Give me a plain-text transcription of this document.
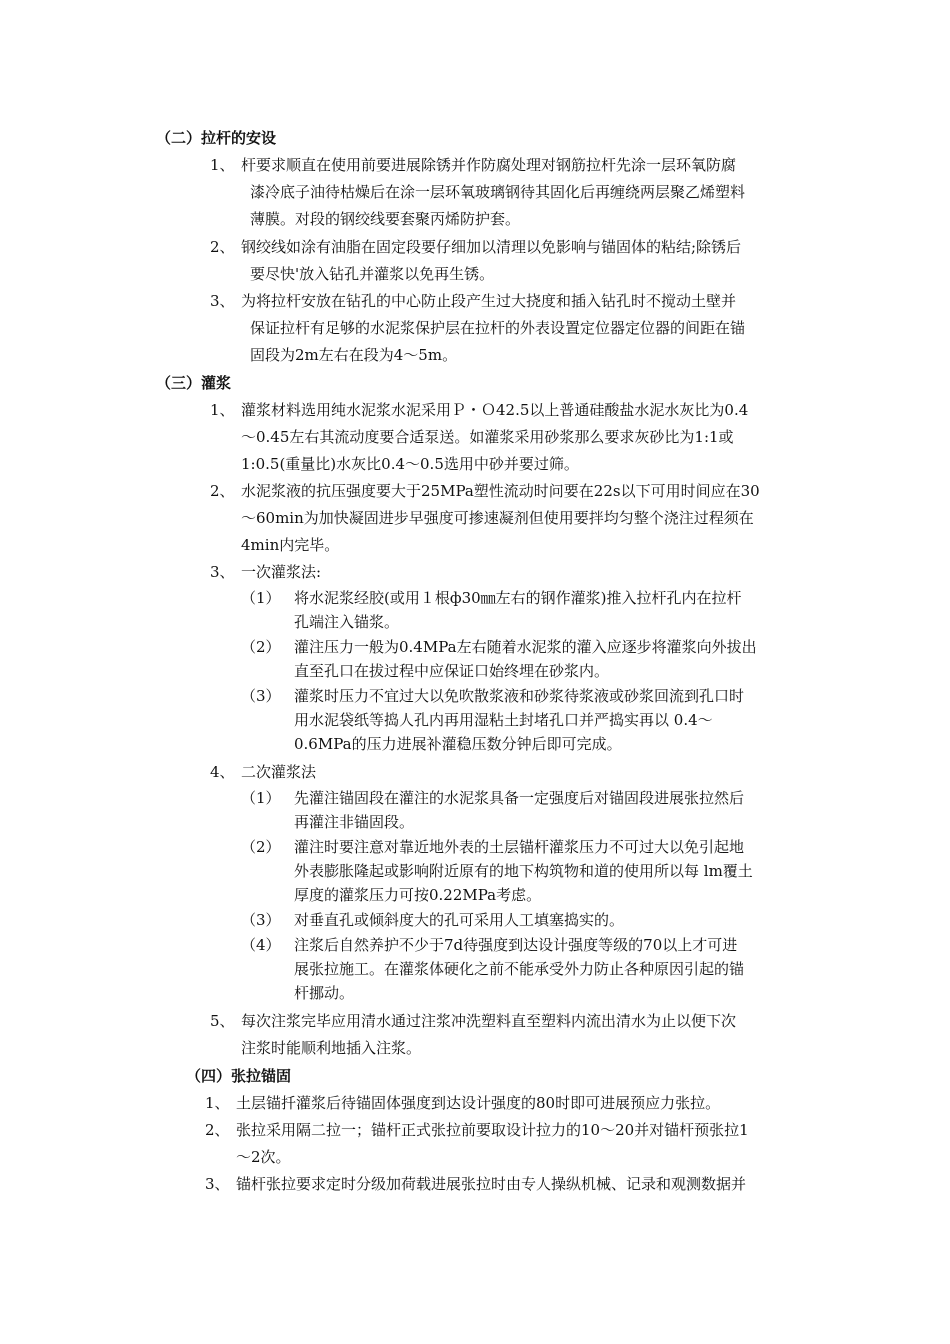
（二）拉杆的安设
1、 杆要求顺直在使用前要进展除锈并作防腐处理对钢筋拉杆先涂一层环氧防腐
漆冷底子油待枯燥后在涂一层环氧玻璃钢待其固化后再缠绕两层聚乙烯塑料
薄膜。对段的钢绞线要套聚丙烯防护套。
2、 钢绞线如涂有油脂在固定段要仔细加以清理以免影响与锚固体的粘结;除锈后
要尽快'放入钻孔并灌浆以免再生锈。
3、 为将拉杆安放在钻孔的中心防止段产生过大挠度和插入钻孔时不搅动土壁并
保证拉杆有足够的水泥浆保护层在拉杆的外表设置定位器定位器的间距在锚
固段为2m左右在段为4～5m。
（三）灌浆
1、 灌浆材料选用纯水泥浆水泥采用Ｐ・Ｏ42.5以上普通硅酸盐水泥水灰比为0.4
～0.45左右其流动度要合适泵送。如灌浆采用砂浆那么要求灰砂比为1:1或
1:0.5(重量比)水灰比0.4～0.5选用中砂并要过筛。
2、 水泥浆液的抗压强度要大于25MPa塑性流动时问要在22s以下可用时间应在30
～60min为加快凝固进步早强度可掺速凝剂但使用要拌均匀整个浇注过程须在
4min内完毕。
3、 一次灌浆法:
（1） 将水泥浆经胶(或用１根ф30㎜左右的钢作灌浆)推入拉杆孔内在拉杆
孔端注入锚浆。
（2） 灌注压力一般为0.4MPa左右随着水泥浆的灌入应逐步将灌浆向外拔出
直至孔口在拔过程中应保证口始终埋在砂浆内。
（3） 灌浆时压力不宜过大以免吹散浆液和砂浆待浆液或砂浆回流到孔口时
用水泥袋纸等捣人孔内再用湿粘土封堵孔口并严捣实再以 0.4～
0.6MPa的压力进展补灌稳压数分钟后即可完成。
4、 二次灌浆法
（1） 先灌注锚固段在灌注的水泥浆具备一定强度后对锚固段进展张拉然后
再灌注非锚固段。
（2） 灌注时要注意对靠近地外表的土层锚杆灌浆压力不可过大以免引起地
外表膨胀隆起或影响附近原有的地下构筑物和道的使用所以每 lm覆土
厚度的灌浆压力可按0.22MPa考虑。
（3） 对垂直孔或倾斜度大的孔可采用人工填塞捣实的。
（4） 注浆后自然养护不少于7d待强度到达设计强度等级的70以上才可进
展张拉施工。在灌浆体硬化之前不能承受外力防止各种原因引起的锚
杆挪动。
5、 每次注浆完毕应用清水通过注浆冲洗塑料直至塑料内流出清水为止以便下次
注浆时能顺利地插入注浆。
（四）张拉锚固
1、 土层锚扦灌浆后待锚固体强度到达设计强度的80时即可进展预应力张拉。
2、 张拉采用隔二拉一；锚杆正式张拉前要取设计拉力的10～20并对锚杆预张拉1
～2次。
3、 锚杆张拉要求定时分级加荷载进展张拉时由专人操纵机械、记录和观测数据并
